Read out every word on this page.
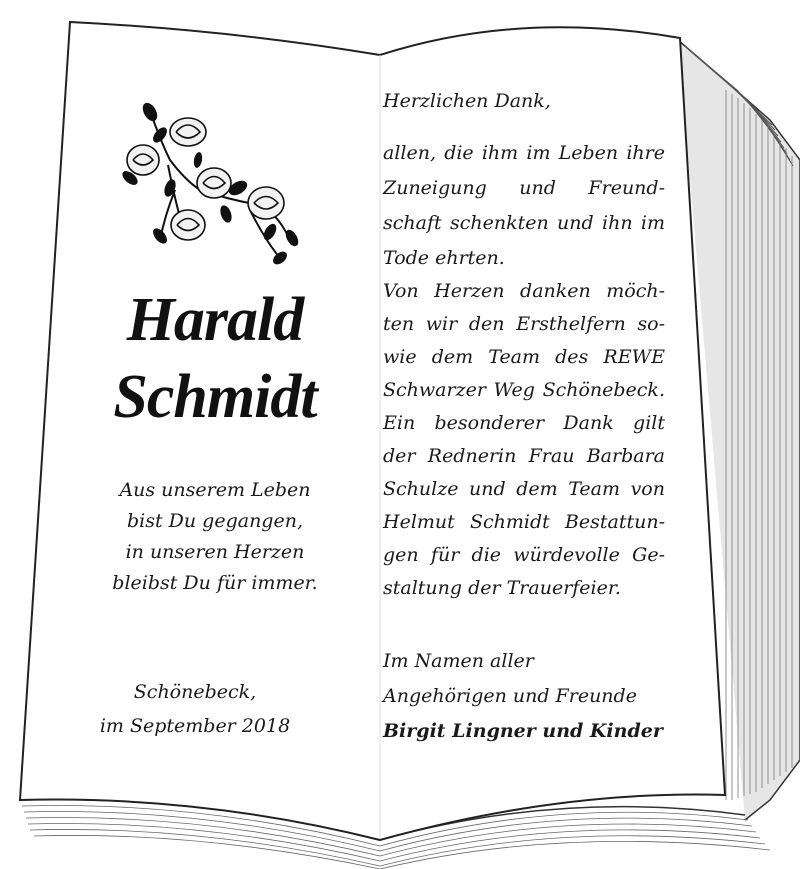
Harald
Schmidt
Aus unserem Leben
bist Du gegangen,
in unseren Herzen
bleibst Du für immer.
Schönebeck,
im September 2018
Herzlichen Dank,
allen, die ihm im Leben ihre
Zuneigung und Freund-
schaft schenkten und ihn im
Tode ehrten.
Von Herzen danken möch-
ten wir den Ersthelfern so-
wie dem Team des REWE
Schwarzer Weg Schönebeck.
Ein besonderer Dank gilt
der Rednerin Frau Barbara
Schulze und dem Team von
Helmut Schmidt Bestattun-
gen für die würdevolle Ge-
staltung der Trauerfeier.
Im Namen aller
Angehörigen und Freunde
Birgit Lingner und Kinder
